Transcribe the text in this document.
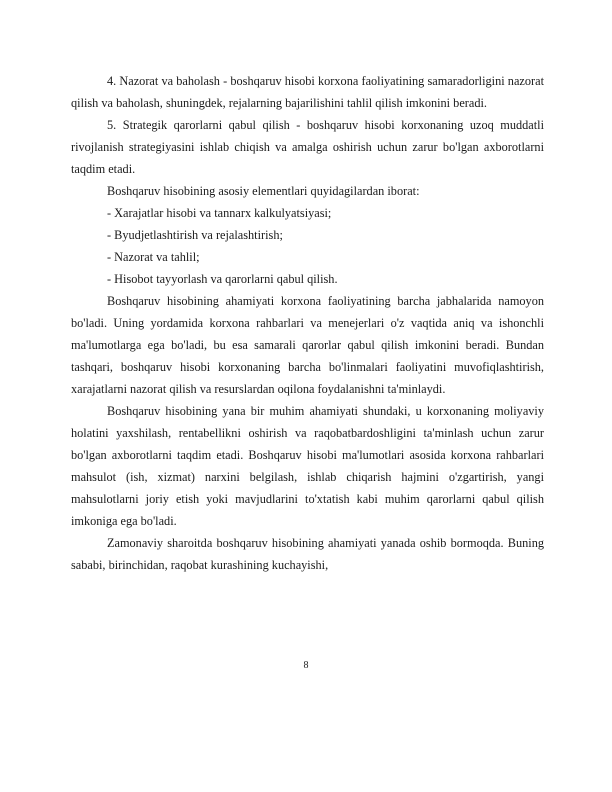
4. Nazorat va baholash - boshqaruv hisobi korxona faoliyatining samaradorligini nazorat qilish va baholash, shuningdek, rejalarning bajarilishini tahlil qilish imkonini beradi.

5. Strategik qarorlarni qabul qilish - boshqaruv hisobi korxonaning uzoq muddatli rivojlanish strategiyasini ishlab chiqish va amalga oshirish uchun zarur bo'lgan axborotlarni taqdim etadi.

Boshqaruv hisobining asosiy elementlari quyidagilardan iborat:

- Xarajatlar hisobi va tannarx kalkulyatsiyasi;

- Byudjetlashtirish va rejalashtirish;

- Nazorat va tahlil;

- Hisobot tayyorlash va qarorlarni qabul qilish.

Boshqaruv hisobining ahamiyati korxona faoliyatining barcha jabhalarida namoyon bo'ladi. Uning yordamida korxona rahbarlari va menejerlari o'z vaqtida aniq va ishonchli ma'lumotlarga ega bo'ladi, bu esa samarali qarorlar qabul qilish imkonini beradi. Bundan tashqari, boshqaruv hisobi korxonaning barcha bo'linmalari faoliyatini muvofiqlashtirish, xarajatlarni nazorat qilish va resurslardan oqilona foydalanishni ta'minlaydi.

Boshqaruv hisobining yana bir muhim ahamiyati shundaki, u korxonaning moliyaviy holatini yaxshilash, rentabellikni oshirish va raqobatbardoshligini ta'minlash uchun zarur bo'lgan axborotlarni taqdim etadi. Boshqaruv hisobi ma'lumotlari asosida korxona rahbarlari mahsulot (ish, xizmat) narxini belgilash, ishlab chiqarish hajmini o'zgartirish, yangi mahsulotlarni joriy etish yoki mavjudlarini to'xtatish kabi muhim qarorlarni qabul qilish imkoniga ega bo'ladi.

Zamonaviy sharoitda boshqaruv hisobining ahamiyati yanada oshib bormoqda. Buning sababi, birinchidan, raqobat kurashining kuchayishi,

8
